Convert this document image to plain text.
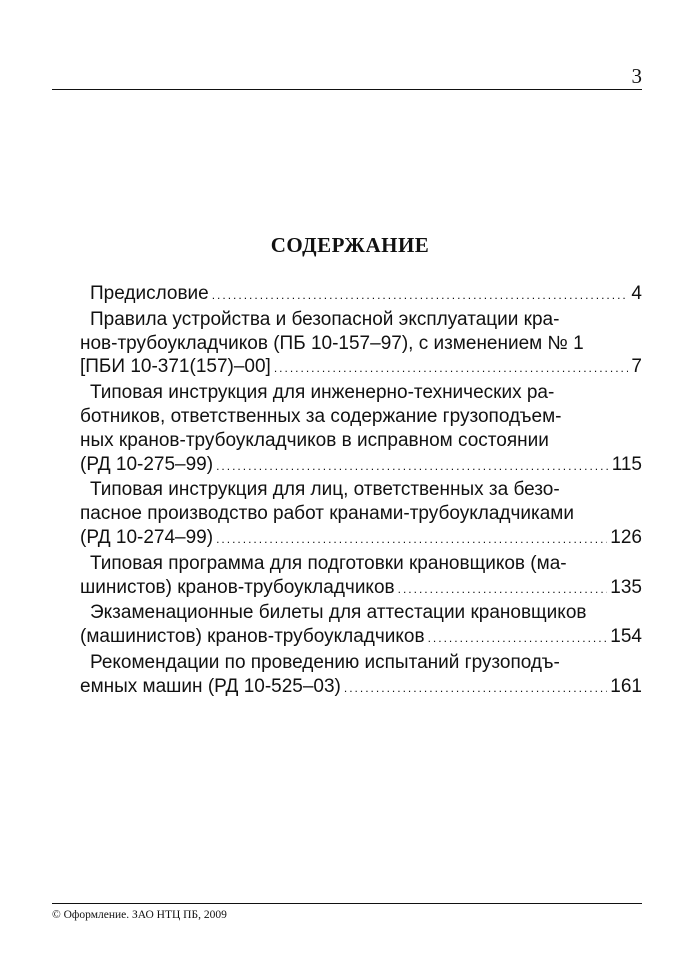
3
СОДЕРЖАНИЕ
Предисловие .....	4
Правила устройства и безопасной эксплуатации кра-
нов-трубоукладчиков (ПБ 10-157–97), с изменением № 1
[ПБИ 10-371(157)–00] .....	7
Типовая инструкция для инженерно-технических ра-
ботников, ответственных за содержание грузоподъем-
ных кранов-трубоукладчиков в исправном состоянии
(РД 10-275–99) .....	115
Типовая инструкция для лиц, ответственных за безо-
пасное производство работ кранами-трубоукладчиками
(РД 10-274–99) .....	126
Типовая программа для подготовки крановщиков (ма-
шинистов) кранов-трубоукладчиков .....	135
Экзаменационные билеты для аттестации крановщиков
(машинистов) кранов-трубоукладчиков .....	154
Рекомендации по проведению испытаний грузоподъ-
емных машин (РД 10-525–03) .....	161
© Оформление. ЗАО НТЦ ПБ, 2009
